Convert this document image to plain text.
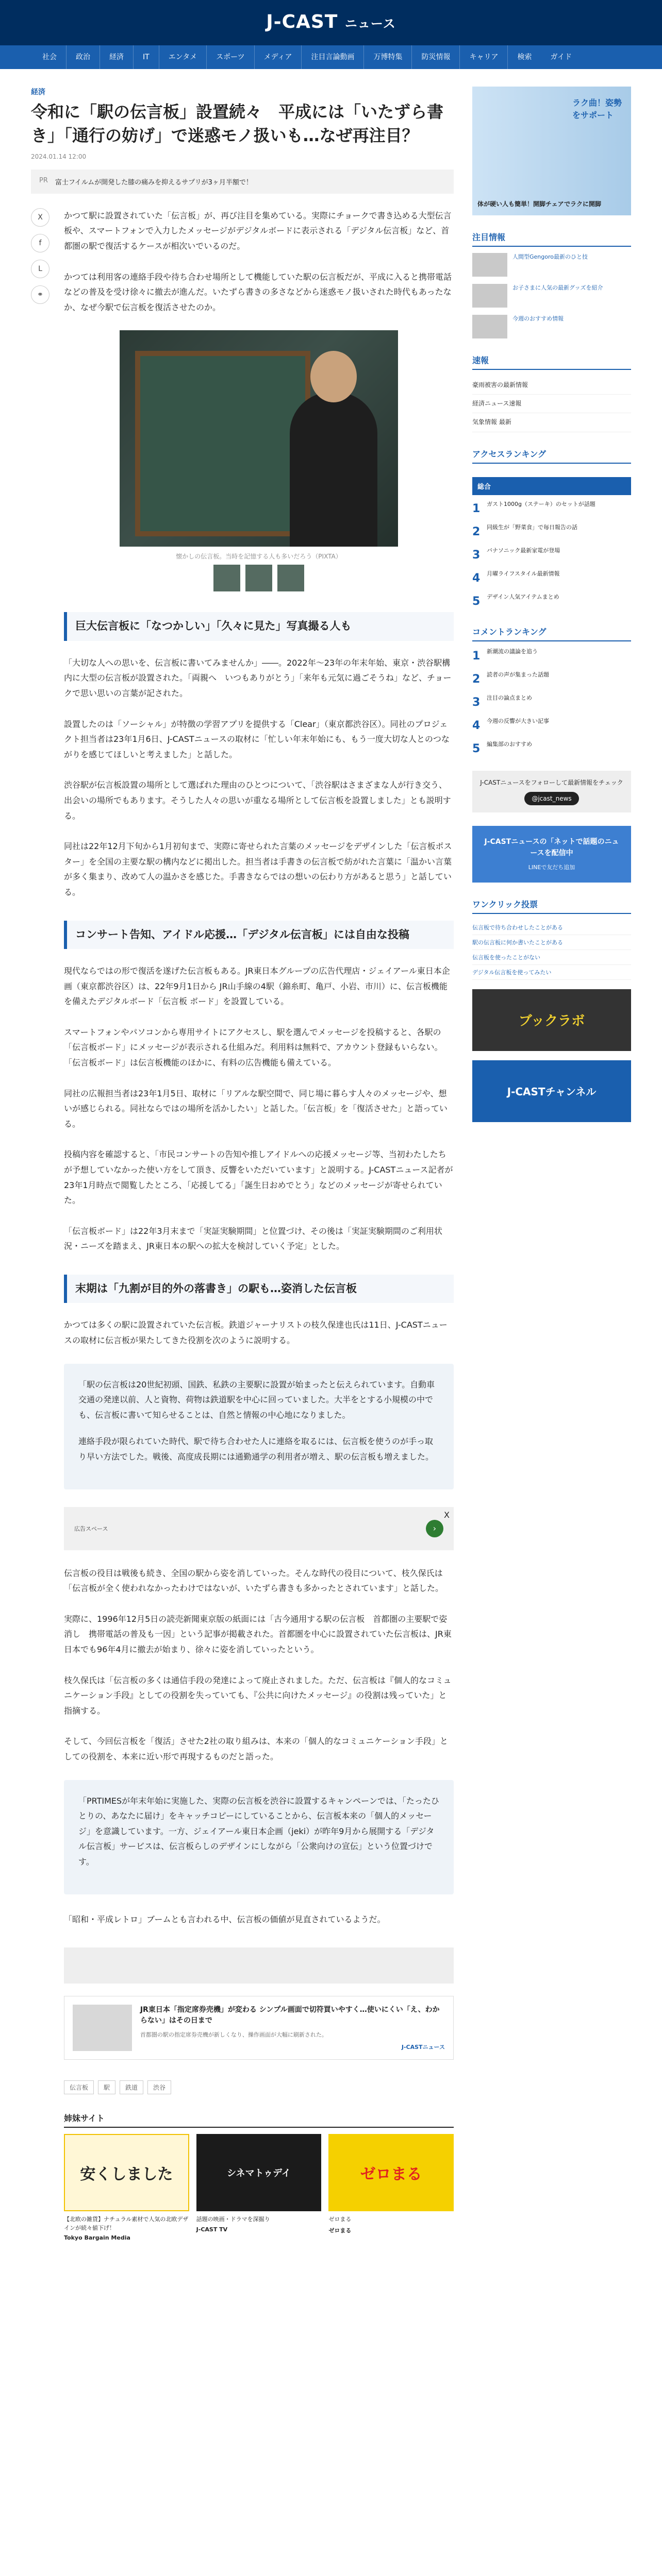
J-CAST ニュース
社会	政治	経済	IT	エンタメ	スポーツ	メディア	注目言論動画	万博特集	防災情報	キャリア	検索	ガイド
経済
令和に「駅の伝言板」設置続々　平成には「いたずら書き」「通行の妨げ」で迷惑モノ扱いも…なぜ再注目？
2024.01.14 12:00
PR 富士フイルムが開発した膝の痛みを抑えるサプリが3ヶ月半額で！
X
f
L
⚭

かつて駅に設置されていた「伝言板」が、再び注目を集めている。実際にチョークで書き込める大型伝言板や、スマートフォンで入力したメッセージがデジタルボードに表示される「デジタル伝言板」など、首都圏の駅で復活するケースが相次いでいるのだ。

かつては利用客の連絡手段や待ち合わせ場所として機能していた駅の伝言板だが、平成に入ると携帯電話などの普及を受け徐々に撤去が進んだ。いたずら書きの多さなどから迷惑モノ扱いされた時代もあったなか、なぜ今駅で伝言板を復活させたのか。

懐かしの伝言板。当時を記憶する人も多いだろう（PIXTA）
巨大伝言板に「なつかしい」「久々に見た」写真撮る人も

「大切な人への思いを、伝言板に書いてみませんか」――。2022年～23年の年末年始、東京・渋谷駅構内に大型の伝言板が設置された。「両親へ　いつもありがとう」「来年も元気に過ごそうね」など、チョークで思い思いの言葉が記された。

設置したのは「ソーシャル」が特徴の学習アプリを提供する「Clear」（東京都渋谷区）。同社のプロジェクト担当者は23年1月6日、J-CASTニュースの取材に「忙しい年末年始にも、もう一度大切な人とのつながりを感じてほしいと考えました」と話した。

渋谷駅が伝言板設置の場所として選ばれた理由のひとつについて、「渋谷駅はさまざまな人が行き交う、出会いの場所でもあります。そうした人々の思いが重なる場所として伝言板を設置しました」とも説明する。

同社は22年12月下旬から1月初旬まで、実際に寄せられた言葉のメッセージをデザインした「伝言板ポスター」を全国の主要な駅の構内などに掲出した。担当者は手書きの伝言板で紡がれた言葉に「温かい言葉が多く集まり、改めて人の温かさを感じた。手書きならではの想いの伝わり方があると思う」と話している。

コンサート告知、アイドル応援…「デジタル伝言板」には自由な投稿

現代ならではの形で復活を遂げた伝言板もある。JR東日本グループの広告代理店・ジェイアール東日本企画（東京都渋谷区）は、22年9月1日から JR山手線の4駅（錦糸町、亀戸、小岩、市川）に、伝言板機能を備えたデジタルボード「伝言板 ボード」を設置している。

スマートフォンやパソコンから専用サイトにアクセスし、駅を選んでメッセージを投稿すると、各駅の「伝言板ボード」にメッセージが表示される仕組みだ。利用料は無料で、アカウント登録もいらない。「伝言板ボード」は伝言板機能のほかに、有料の広告機能も備えている。

同社の広報担当者は23年1月5日、取材に「リアルな駅空間で、同じ場に暮らす人々のメッセージや、想いが感じられる。同社ならではの場所を活かしたい」と話した。「伝言板」を「復活させた」と語っている。

投稿内容を確認すると、「市民コンサートの告知や推しアイドルへの応援メッセージ等、当初わたしたちが予想していなかった使い方をして頂き、反響をいただいています」と説明する。J-CASTニュース記者が23年1月時点で閲覧したところ、「応援してる」「誕生日おめでとう」などのメッセージが寄せられていた。

「伝言板ボード」は22年3月末まで「実証実験期間」と位置づけ、その後は「実証実験期間のご利用状況・ニーズを踏まえ、JR東日本の駅への拡大を検討していく予定」とした。

末期は「九割が目的外の落書き」の駅も…姿消した伝言板

かつては多くの駅に設置されていた伝言板。鉄道ジャーナリストの枝久保達也氏は11日、J-CASTニュースの取材に伝言板が果たしてきた役割を次のように説明する。

「駅の伝言板は20世紀初頭、国鉄、私鉄の主要駅に設置が始まったと伝えられています。自動車交通の発達以前、人と資物、荷物は鉄道駅を中心に回っていました。大半をとする小規模の中でも、伝言板に書いて知らせることは、自然と情報の中心地になりました。

連絡手段が限られていた時代、駅で待ち合わせた人に連絡を取るには、伝言板を使うのが手っ取り早い方法でした。戦後、高度成長期には通勤通学の利用者が増え、駅の伝言板も増えました。

広告スペース	›
X

伝言板の役目は戦後も続き、全国の駅から姿を消していった。そんな時代の役目について、枝久保氏は「伝言板が全く使われなかったわけではないが、いたずら書きも多かったとされています」と話した。

実際に、1996年12月5日の読売新聞東京版の紙面には「古今通用する駅の伝言板　首都圏の主要駅で姿消し　携帯電話の普及も一因」という記事が掲載された。首都圏を中心に設置されていた伝言板は、JR東日本でも96年4月に撤去が始まり、徐々に姿を消していったという。

枝久保氏は「伝言板の多くは通信手段の発達によって廃止されました。ただ、伝言板は『個人的なコミュニケーション手段』としての役割を失っていても、『公共に向けたメッセージ』の役割は残っていた」と指摘する。

そして、今回伝言板を「復活」させた2社の取り組みは、本来の「個人的なコミュニケーション手段」としての役割を、本来に近い形で再現するものだと語った。

「PRTIMESが年末年始に実施した、実際の伝言板を渋谷に設置するキャンペーンでは、「たったひとりの、あなたに届け」をキャッチコピーにしていることから、伝言板本来の「個人的メッセージ」を意識しています。一方、ジェイアール東日本企画（jeki）が昨年9月から展開する「デジタル伝言板」サービスは、伝言板らしのデザインにしながら「公衆向けの宣伝」という位置づけです。

「昭和・平成レトロ」ブームとも言われる中、伝言板の価値が見直されているようだ。

JR東日本「指定席券売機」が変わる シンプル画面で切符買いやすく…使いにくい「え、わからない」はその日まで
首都圏の駅の指定席券売機が新しくなり、操作画面が大幅に刷新された。
J-CASTニュース
伝言板	駅	鉄道	渋谷
姉妹サイト
安くしました
【北欧の雑貨】ナチュラル素材で人気の北欧デザインが続々値下げ！
Tokyo Bargain Media
シネマトゥデイ
話題の映画・ドラマを深掘り
J-CAST TV
ゼロまる
ゼロまる
ゼロまる
ラク曲！姿勢をサポート
体が硬い人も簡単！開脚チェアでラクに開脚
注目情報
人間型Gengoro最新のひと技
お子さまに人気の最新グッズを紹介
今週のおすすめ情報
速報
豪雨被害の最新情報
経済ニュース速報
気象情報 最新
アクセスランキング
総合
1 ガスト1000g（ステーキ）のセットが話題
2 同級生が「野菜食」で毎日報告の話
3 バナソニック最新家電が登場
4 月曜ライフスタイル最新情報
5 デザイン人気アイテムまとめ
コメントランキング
1 新潮流の議論を追う
2 読者の声が集まった話題
3 注目の論点まとめ
4 今週の反響が大きい記事
5 編集部のおすすめ
J-CASTニュースをフォローして最新情報をチェック
@jcast_news
J-CASTニュースの「ネットで話題のニュースを配信中
LINEで友だち追加
ワンクリック投票
伝言板で待ち合わせしたことがある
駅の伝言板に何か書いたことがある
伝言板を使ったことがない
デジタル伝言板を使ってみたい
ブックラボ
J-CASTチャンネル
